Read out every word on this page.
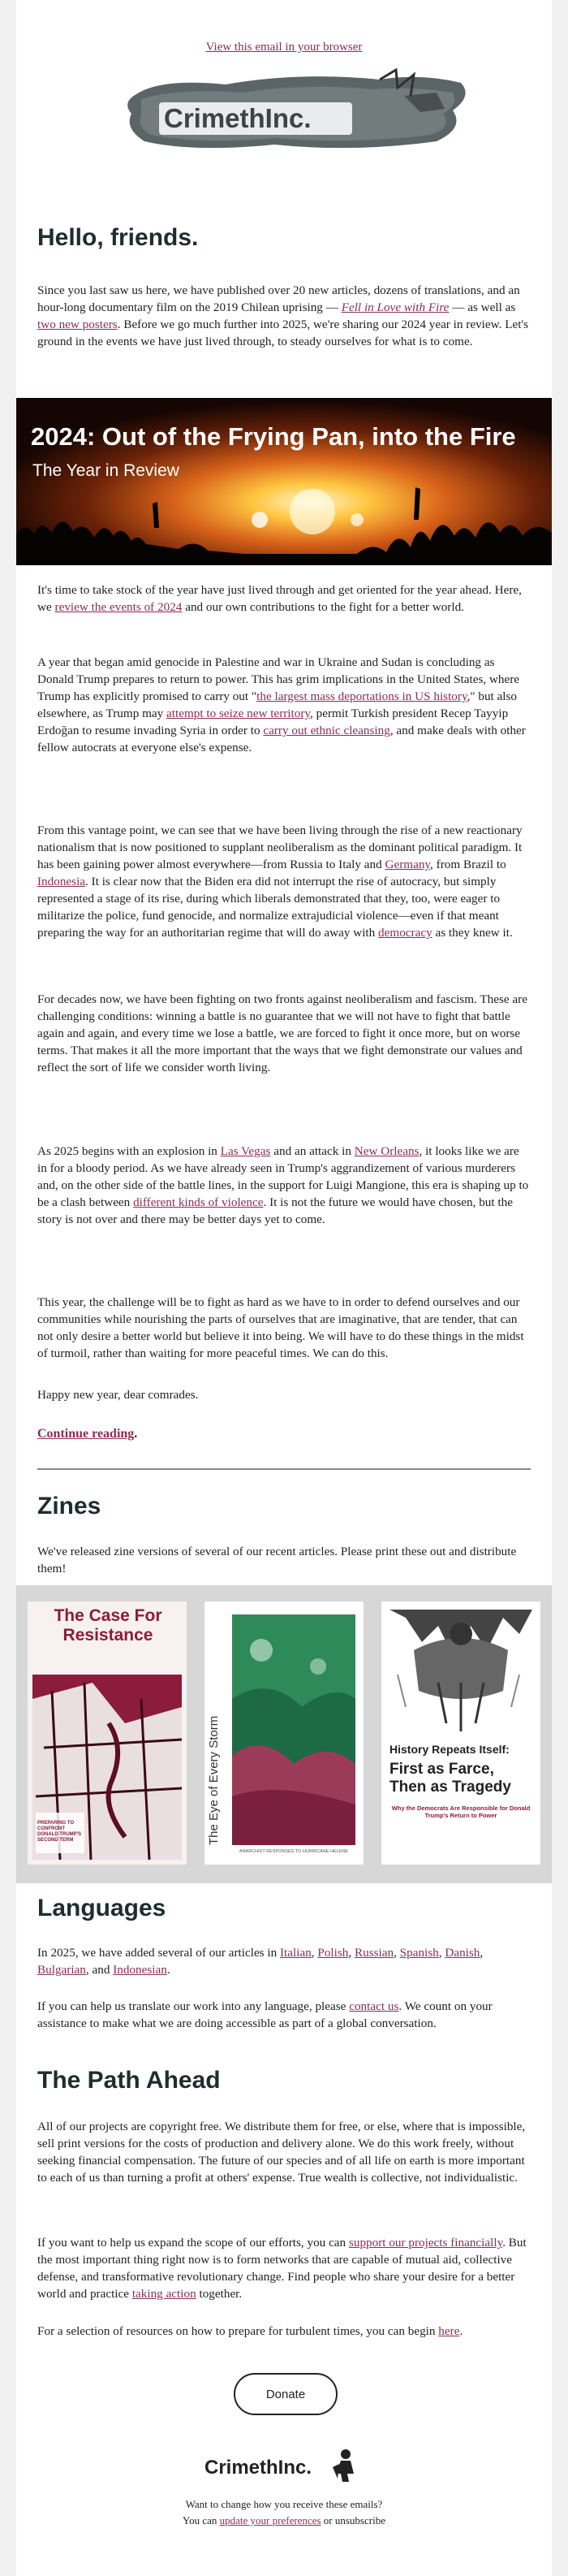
View this email in your browser
CrimethInc.
Hello, friends.

Since you last saw us here, we have published over 20 new articles, dozens of translations, and an hour-long documentary film on the 2019 Chilean uprising — Fell in Love with Fire — as well as two new posters. Before we go much further into 2025, we're sharing our 2024 year in review. Let's ground in the events we have just lived through, to steady ourselves for what is to come.

2024: Out of the Frying Pan, into the Fire
The Year in Review

It's time to take stock of the year have just lived through and get oriented for the year ahead. Here, we review the events of 2024 and our own contributions to the fight for a better world.

A year that began amid genocide in Palestine and war in Ukraine and Sudan is concluding as Donald Trump prepares to return to power. This has grim implications in the United States, where Trump has explicitly promised to carry out "the largest mass deportations in US history," but also elsewhere, as Trump may attempt to seize new territory, permit Turkish president Recep Tayyip Erdoğan to resume invading Syria in order to carry out ethnic cleansing, and make deals with other fellow autocrats at everyone else's expense.

From this vantage point, we can see that we have been living through the rise of a new reactionary nationalism that is now positioned to supplant neoliberalism as the dominant political paradigm. It has been gaining power almost everywhere—from Russia to Italy and Germany, from Brazil to Indonesia. It is clear now that the Biden era did not interrupt the rise of autocracy, but simply represented a stage of its rise, during which liberals demonstrated that they, too, were eager to militarize the police, fund genocide, and normalize extrajudicial violence—even if that meant preparing the way for an authoritarian regime that will do away with democracy as they knew it.

For decades now, we have been fighting on two fronts against neoliberalism and fascism. These are challenging conditions: winning a battle is no guarantee that we will not have to fight that battle again and again, and every time we lose a battle, we are forced to fight it once more, but on worse terms. That makes it all the more important that the ways that we fight demonstrate our values and reflect the sort of life we consider worth living.

As 2025 begins with an explosion in Las Vegas and an attack in New Orleans, it looks like we are in for a bloody period. As we have already seen in Trump's aggrandizement of various murderers and, on the other side of the battle lines, in the support for Luigi Mangione, this era is shaping up to be a clash between different kinds of violence. It is not the future we would have chosen, but the story is not over and there may be better days yet to come.

This year, the challenge will be to fight as hard as we have to in order to defend ourselves and our communities while nourishing the parts of ourselves that are imaginative, that are tender, that can not only desire a better world but believe it into being. We will have to do these things in the midst of turmoil, rather than waiting for more peaceful times. We can do this.

Happy new year, dear comrades.

Continue reading.
Zines

We've released zine versions of several of our recent articles. Please print these out and distribute them!

The Case For Resistance
PREPARING TO CONFRONT DONALD TRUMP'S SECOND TERM	The Eye of Every Storm
ANARCHIST RESPONSES TO HURRICANE HELENE
History Repeats Itself:
First as Farce, Then as Tragedy
Why the Democrats Are Responsible for Donald Trump's Return to Power
Languages

In 2025, we have added several of our articles in Italian, Polish, Russian, Spanish, Danish, Bulgarian, and Indonesian.

If you can help us translate our work into any language, please contact us. We count on your assistance to make what we are doing accessible as part of a global conversation.

The Path Ahead

All of our projects are copyright free. We distribute them for free, or else, where that is impossible, sell print versions for the costs of production and delivery alone. We do this work freely, without seeking financial compensation. The future of our species and of all life on earth is more important to each of us than turning a profit at others' expense. True wealth is collective, not individualistic.

If you want to help us expand the scope of our efforts, you can support our projects financially. But the most important thing right now is to form networks that are capable of mutual aid, collective defense, and transformative revolutionary change. Find people who share your desire for a better world and practice taking action together.

For a selection of resources on how to prepare for turbulent times, you can begin here.

Donate
CrimethInc.
Want to change how you receive these emails?
You can update your preferences or unsubscribe
